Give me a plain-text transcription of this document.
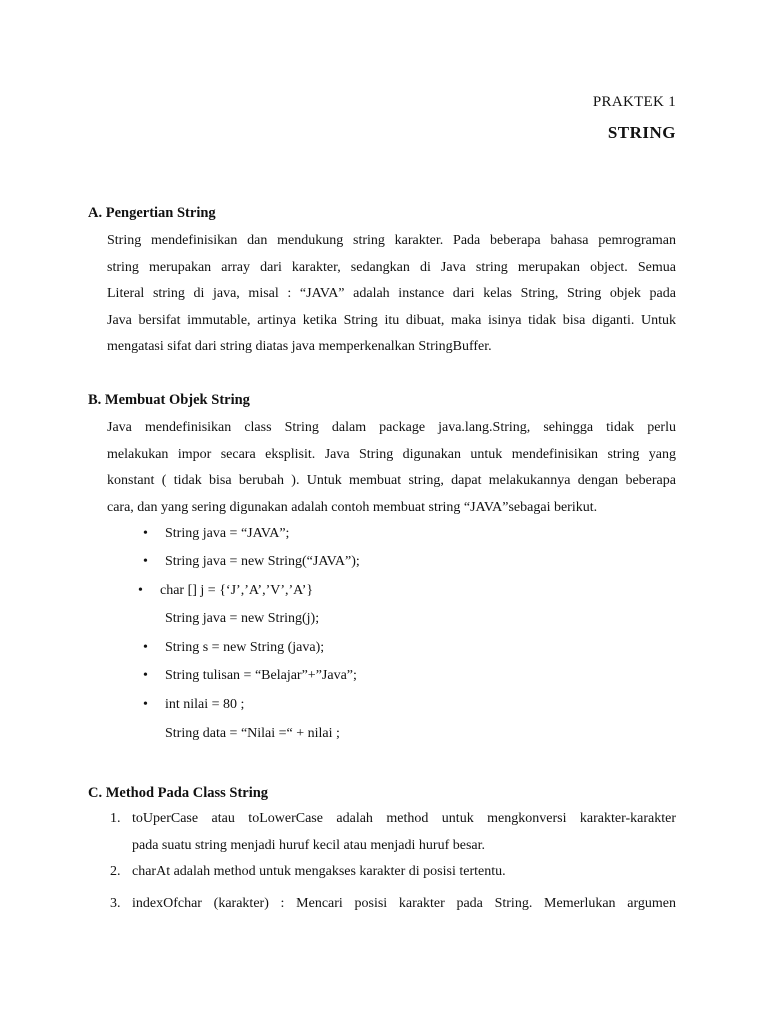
PRAKTEK 1
STRING
A. Pengertian String
String mendefinisikan dan mendukung string karakter. Pada beberapa bahasa pemrograman
string merupakan array dari karakter, sedangkan di Java string merupakan object. Semua
Literal string di java, misal : “JAVA” adalah instance dari kelas String, String objek pada
Java bersifat immutable, artinya ketika String itu dibuat, maka isinya tidak bisa diganti. Untuk
mengatasi sifat dari string diatas java memperkenalkan StringBuffer.
B. Membuat Objek String
Java mendefinisikan class String dalam package java.lang.String, sehingga tidak perlu
melakukan impor secara eksplisit. Java String digunakan untuk mendefinisikan string yang
konstant ( tidak bisa berubah ). Untuk membuat string, dapat melakukannya dengan beberapa
cara, dan yang sering digunakan adalah contoh membuat string “JAVA”sebagai berikut.
• String java = “JAVA”;
• String java = new String(“JAVA”);
• char [] j = {‘J’,’A’,’V’,’A’}
String java = new String(j);
• String s = new String (java);
• String tulisan = “Belajar”+”Java”;
• int nilai = 80 ;
String data = “Nilai =“ + nilai ;
C. Method Pada Class String
1. toUperCase atau toLowerCase adalah method untuk mengkonversi karakter-karakter
pada suatu string menjadi huruf kecil atau menjadi huruf besar.
2. charAt adalah method untuk mengakses karakter di posisi tertentu.
3. indexOfchar (karakter) : Mencari posisi karakter pada String. Memerlukan argumen
